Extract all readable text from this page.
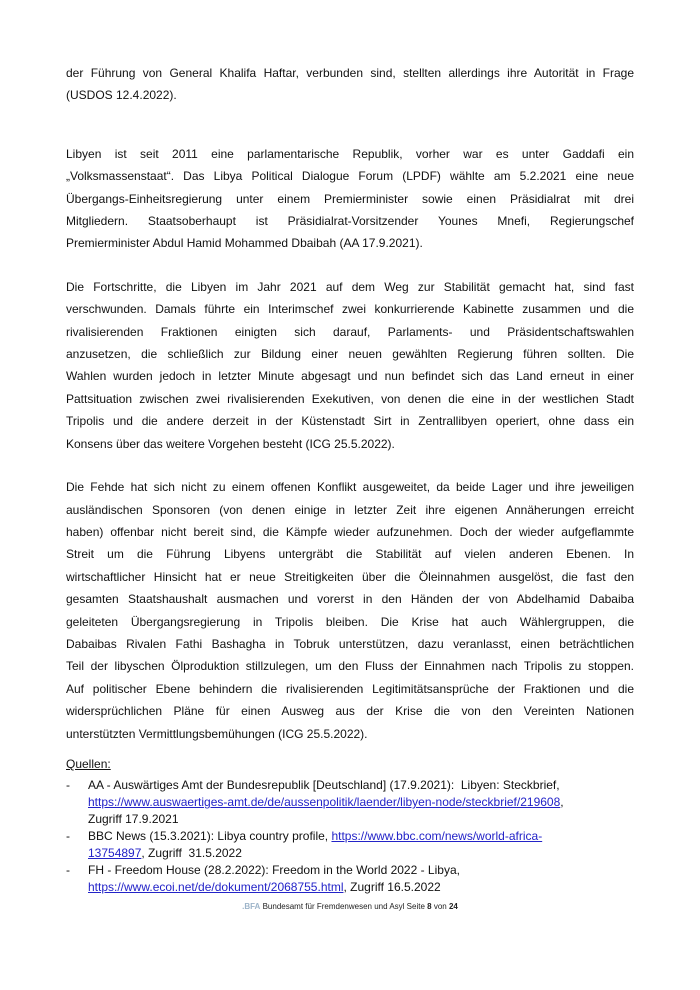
der Führung von General Khalifa Haftar, verbunden sind, stellten allerdings ihre Autorität in Frage
(USDOS 12.4.2022).
Libyen ist seit 2011 eine parlamentarische Republik, vorher war es unter Gaddafi ein
„Volksmassenstaat“. Das Libya Political Dialogue Forum (LPDF) wählte am 5.2.2021 eine neue
Übergangs-Einheitsregierung unter einem Premierminister sowie einen Präsidialrat mit drei
Mitgliedern. Staatsoberhaupt ist Präsidialrat-Vorsitzender Younes Mnefi, Regierungschef
Premierminister Abdul Hamid Mohammed Dbaibah (AA 17.9.2021).
Die Fortschritte, die Libyen im Jahr 2021 auf dem Weg zur Stabilität gemacht hat, sind fast
verschwunden. Damals führte ein Interimschef zwei konkurrierende Kabinette zusammen und die
rivalisierenden Fraktionen einigten sich darauf, Parlaments- und Präsidentschaftswahlen
anzusetzen, die schließlich zur Bildung einer neuen gewählten Regierung führen sollten. Die
Wahlen wurden jedoch in letzter Minute abgesagt und nun befindet sich das Land erneut in einer
Pattsituation zwischen zwei rivalisierenden Exekutiven, von denen die eine in der westlichen Stadt
Tripolis und die andere derzeit in der Küstenstadt Sirt in Zentrallibyen operiert, ohne dass ein
Konsens über das weitere Vorgehen besteht (ICG 25.5.2022).
Die Fehde hat sich nicht zu einem offenen Konflikt ausgeweitet, da beide Lager und ihre jeweiligen
ausländischen Sponsoren (von denen einige in letzter Zeit ihre eigenen Annäherungen erreicht
haben) offenbar nicht bereit sind, die Kämpfe wieder aufzunehmen. Doch der wieder aufgeflammte
Streit um die Führung Libyens untergräbt die Stabilität auf vielen anderen Ebenen. In
wirtschaftlicher Hinsicht hat er neue Streitigkeiten über die Öleinnahmen ausgelöst, die fast den
gesamten Staatshaushalt ausmachen und vorerst in den Händen der von Abdelhamid Dabaiba
geleiteten Übergangsregierung in Tripolis bleiben. Die Krise hat auch Wählergruppen, die
Dabaibas Rivalen Fathi Bashagha in Tobruk unterstützen, dazu veranlasst, einen beträchtlichen
Teil der libyschen Ölproduktion stillzulegen, um den Fluss der Einnahmen nach Tripolis zu stoppen.
Auf politischer Ebene behindern die rivalisierenden Legitimitätsansprüche der Fraktionen und die
widersprüchlichen Pläne für einen Ausweg aus der Krise die von den Vereinten Nationen
unterstützten Vermittlungsbemühungen (ICG 25.5.2022).
Quellen:
- AA - Auswärtiges Amt der Bundesrepublik [Deutschland] (17.9.2021):  Libyen: Steckbrief,
https://www.auswaertiges-amt.de/de/aussenpolitik/laender/libyen-node/steckbrief/219608,
Zugriff 17.9.2021
- BBC News (15.3.2021): Libya country profile, https://www.bbc.com/news/world-africa-
13754897, Zugriff  31.5.2022
- FH - Freedom House (28.2.2022): Freedom in the World 2022 - Libya,
https://www.ecoi.net/de/dokument/2068755.html, Zugriff 16.5.2022
.BFA Bundesamt für Fremdenwesen und Asyl Seite 8 von 24
